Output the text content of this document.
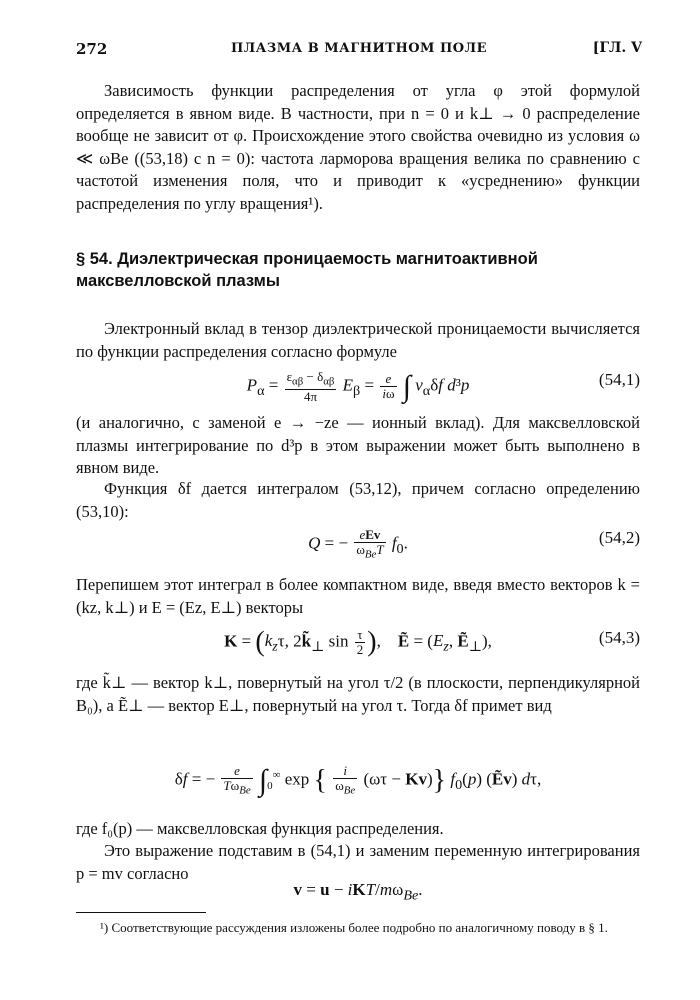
272	ПЛАЗМА В МАГНИТНОМ ПОЛЕ	[ГЛ. V
Зависимость функции распределения от угла φ этой формулой определяется в явном виде. В частности, при n = 0 и k⊥ → 0 распределение вообще не зависит от φ. Происхождение этого свойства очевидно из условия ω ≪ ωBe ((53,18) с n = 0): частота ларморова вращения велика по сравнению с частотой изменения поля, что и приводит к «усреднению» функции распределения по углу вращения¹).
§ 54. Диэлектрическая проницаемость магнитоактивной максвелловской плазмы
Электронный вклад в тензор диэлектрической проницаемости вычисляется по функции распределения согласно формуле
$P_\alpha = \frac{\varepsilon_{\alpha\beta} - \delta_{\alpha\beta}}{4\pi} E_\beta = \frac{e}{i\omega}$ ∫ $v_\alpha\delta f$ d³p	(54,1)
(и аналогично, с заменой e → −ze — ионный вклад). Для максвелловской плазмы интегрирование по d³p в этом выражении может быть выполнено в явном виде.
Функция δf дается интегралом (53,12), причем согласно определению (53,10):
Q = − $\frac{\text{eEv}}{\omega_{Be}T} f_0$.	(54,2)
Перепишем этот интеграл в более компактном виде, введя вместо векторов k = (kz, k⊥) и E = (Ez, E⊥) векторы
$K = (k_z\tau$, $2k̃_\perp$ $\sin \frac{\tau}{2}$ ),    Ẽ = ($E_z$, Ẽ$_\perp$),	(54,3)
где k̃⊥ — вектор k⊥, повернутый на угол τ/2 (в плоскости, перпендикулярной B₀), а Ẽ⊥ — вектор E⊥, повернутый на угол τ. Тогда δf примет вид
δf = − $\frac{e}{T\omega_{Be}} \int_0^\infty$ exp { $\frac{i}{\omega_{Be}} (\omega\tau - Kv)$} $f_0(p)$ (Ẽv) dτ,
где f₀(p) — максвелловская функция распределения.
Это выражение подставим в (54,1) и заменим переменную интегрирования p = mv согласно
v = u − iKT/$m\omega_{Be}$.
¹) Соответствующие рассуждения изложены более подробно по аналогичному поводу в § 1.
